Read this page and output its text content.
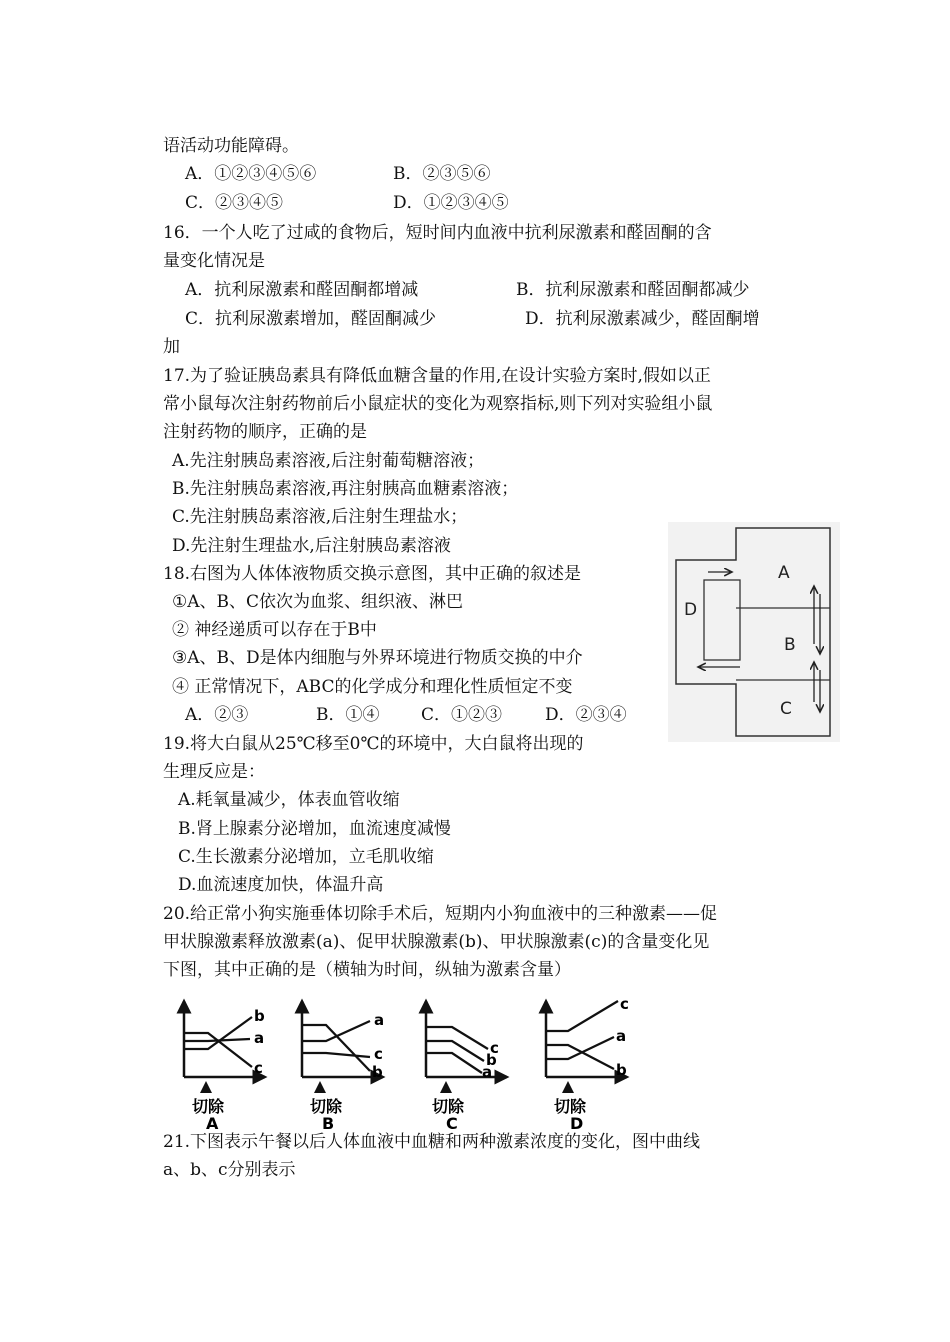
语活动功能障碍。
A．①②③④⑤⑥	B．②③⑤⑥
C．②③④⑤	D．①②③④⑤
16．一个人吃了过咸的食物后，短时间内血液中抗利尿激素和醛固酮的含
量变化情况是
A．抗利尿激素和醛固酮都增减	B．抗利尿激素和醛固酮都减少
C．抗利尿激素增加，醛固酮减少	D．抗利尿激素减少，醛固酮增
加
17.为了验证胰岛素具有降低血糖含量的作用,在设计实验方案时,假如以正
常小鼠每次注射药物前后小鼠症状的变化为观察指标,则下列对实验组小鼠
注射药物的顺序，正确的是
A.先注射胰岛素溶液,后注射葡萄糖溶液；
B.先注射胰岛素溶液,再注射胰高血糖素溶液；
C.先注射胰岛素溶液,后注射生理盐水；
D.先注射生理盐水,后注射胰岛素溶液
18.右图为人体体液物质交换示意图，其中正确的叙述是
①A、B、C依次为血浆、组织液、淋巴
② 神经递质可以存在于B中
③A、B、D是体内细胞与外界环境进行物质交换的中介
④ 正常情况下，ABC的化学成分和理化性质恒定不变
A．②③	B．①④ C．①②③	D．②③④
A
B
C
D
19.将大白鼠从25℃移至0℃的环境中，大白鼠将出现的
生理反应是：
A.耗氧量减少，体表血管收缩
B.肾上腺素分泌增加，血流速度减慢
C.生长激素分泌增加，立毛肌收缩
D.血流速度加快，体温升高
20.给正常小狗实施垂体切除手术后，短期内小狗血液中的三种激素——促
甲状腺激素释放激素(a)、促甲状腺激素(b)、甲状腺激素(c)的含量变化见
下图，其中正确的是（横轴为时间，纵轴为激素含量）
b
a
c
切除
A
a
c
b
切除
B
c
b
a
切除
C
c
a
b
切除
D
21.下图表示午餐以后人体血液中血糖和两种激素浓度的变化，图中曲线
a、b、c分别表示
